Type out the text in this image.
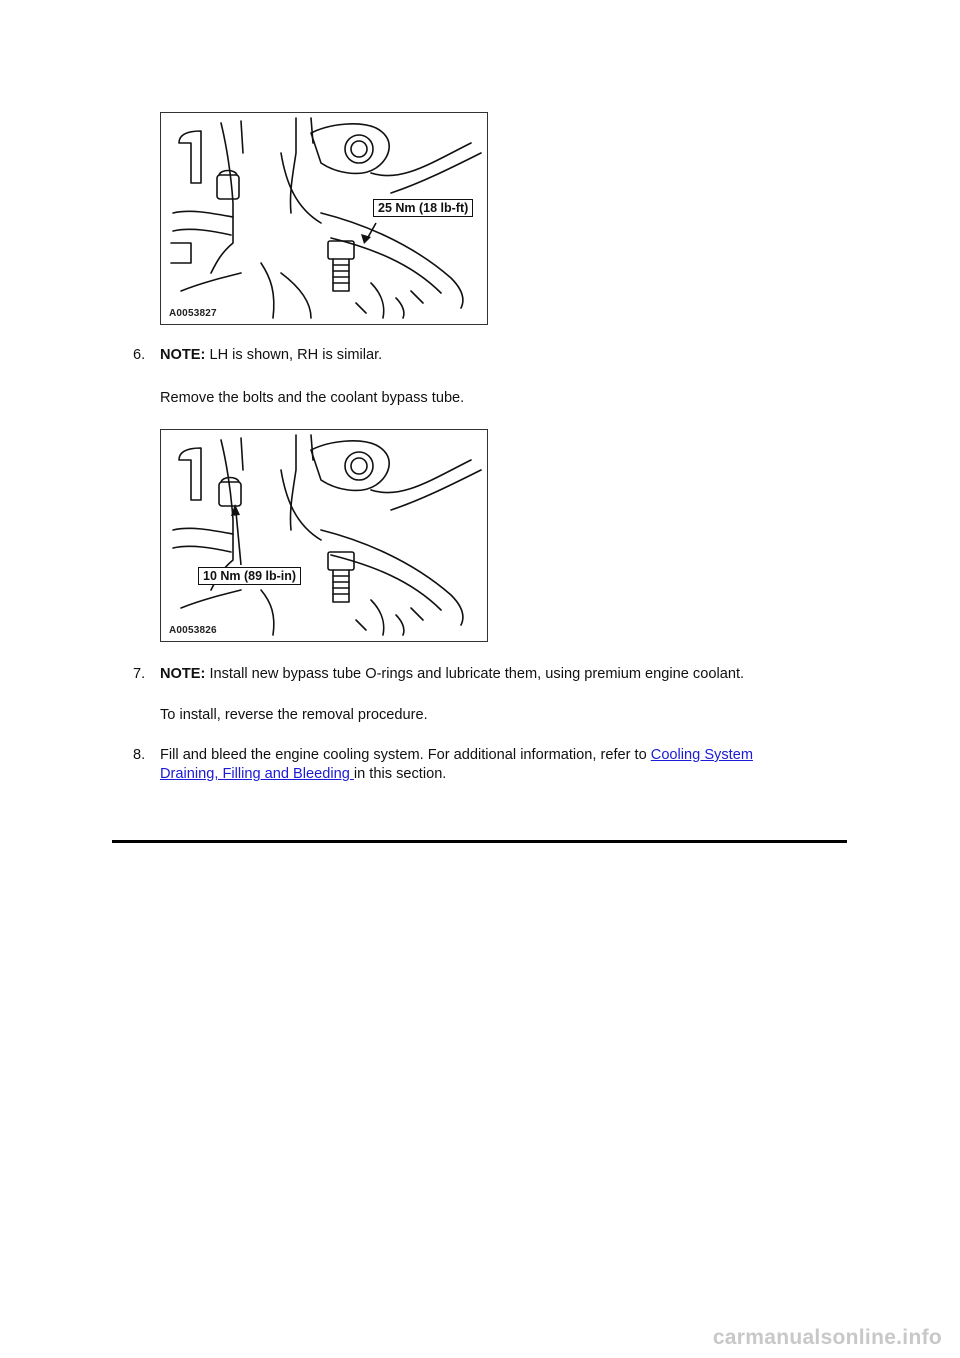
25 Nm (18 lb-ft)
A0053827
6. NOTE: LH is shown, RH is similar.
Remove the bolts and the coolant bypass tube.
10 Nm (89 lb-in)
A0053826
7. NOTE: Install new bypass tube O-rings and lubricate them, using premium engine coolant.
To install, reverse the removal procedure.
8. Fill and bleed the engine cooling system. For additional information, refer to Cooling System
Draining, Filling and Bleeding in this section.
carmanualsonline.info
